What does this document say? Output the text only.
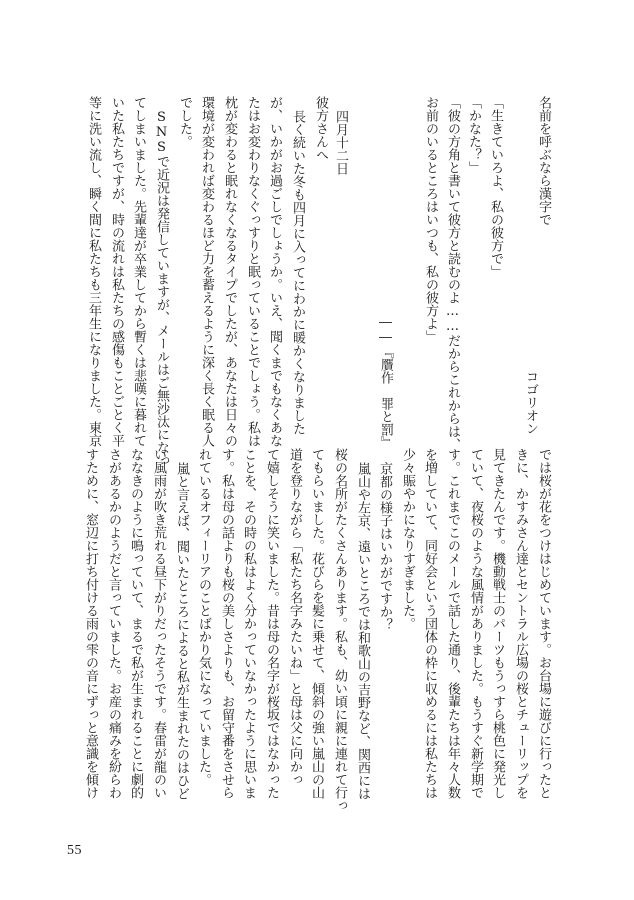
名前を呼ぶなら漢字で
コゴリオン
「生きていろよ、私の彼方で」
「かなた？」
「彼の方角と書いて彼方と読むのよ……だからこれからは、
お前のいるところはいつも、私の彼方よ」
――『贋作　罪と罰』
四月十二日
彼方さんへ
長く続いた冬も四月に入ってにわかに暖かくなりました
が、いかがお過ごしでしょうか。いえ、聞くまでもなくあな
たはお変わりなくぐっすりと眠っていることでしょう。私は
枕が変わると眠れなくなるタイプでしたが、あなたは日々の
環境が変われば変わるほど力を蓄えるように深く長く眠る人
でした。
SNSで近況は発信していますが、メールはご無沙汰になっ
てしまいました。先輩達が卒業してから暫くは悲嘆に暮れて
いた私たちですが、時の流れは私たちの感傷もことごとく平
等に洗い流し、瞬く間に私たちも三年生になりました。東京
では桜が花をつけはじめています。お台場に遊びに行ったと
きに、かすみさん達とセントラル広場の桜とチューリップを
見てきたんです。機動戦士のパーツもうっすら桃色に発光し
ていて、夜桜のような風情がありました。もうすぐ新学期で
す。これまでこのメールで話した通り、後輩たちは年々人数
を増していて、同好会という団体の枠に収めるには私たちは
少々賑やかになりすぎました。
京都の様子はいかがですか？
嵐山や左京、遠いところでは和歌山の吉野など、関西には
桜の名所がたくさんあります。私も、幼い頃に親に連れて行っ
てもらいました。花びらを髪に乗せて、傾斜の強い嵐山の山
道を登りながら「私たち名字みたいね」と母は父に向かっ
て嬉しそうに笑いました。昔は母の名字が桜坂ではなかった
ことを、その時の私はよく分かっていなかったように思いま
す。私は母の話よりも桜の美しさよりも、お留守番をさせら
れているオフィーリアのことばかり気になっていました。
嵐と言えば、聞いたところによると私が生まれたのはひど
い風雨が吹き荒れる昼下がりだったそうです。春雷が龍のい
ななきのように鳴っていて、まるで私が生まれることに劇的
さがあるかのようだと言っていました。お産の痛みを紛らわ
すために、窓辺に打ち付ける雨の雫の音にずっと意識を傾け
55
